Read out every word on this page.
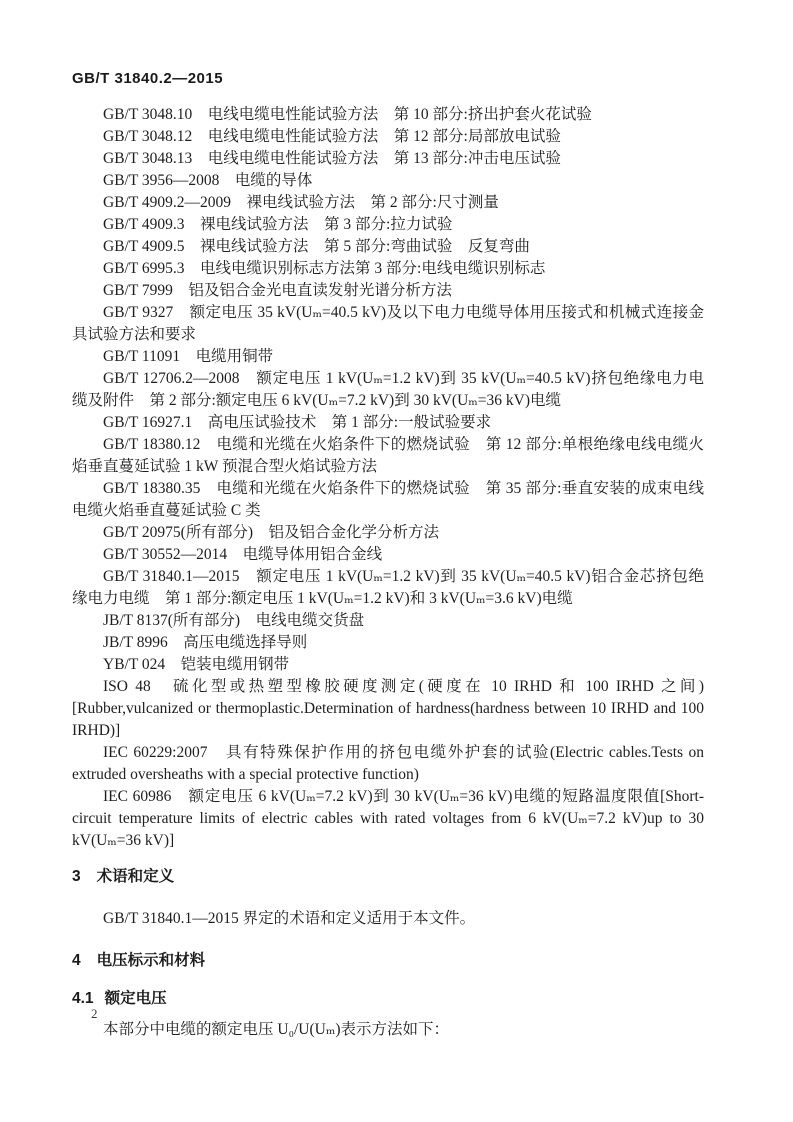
GB/T 31840.2—2015

GB/T 3048.10　电线电缆电性能试验方法　第 10 部分:挤出护套火花试验

GB/T 3048.12　电线电缆电性能试验方法　第 12 部分:局部放电试验

GB/T 3048.13　电线电缆电性能试验方法　第 13 部分:冲击电压试验

GB/T 3956—2008　电缆的导体

GB/T 4909.2—2009　裸电线试验方法　第 2 部分:尺寸测量

GB/T 4909.3　裸电线试验方法　第 3 部分:拉力试验

GB/T 4909.5　裸电线试验方法　第 5 部分:弯曲试验　反复弯曲

GB/T 6995.3　电线电缆识别标志方法第 3 部分:电线电缆识别标志

GB/T 7999　铝及铝合金光电直读发射光谱分析方法

GB/T 9327　额定电压 35 kV(Uₘ=40.5 kV)及以下电力电缆导体用压接式和机械式连接金具试验方法和要求

GB/T 11091　电缆用铜带

GB/T 12706.2—2008　额定电压 1 kV(Uₘ=1.2 kV)到 35 kV(Uₘ=40.5 kV)挤包绝缘电力电缆及附件　第 2 部分:额定电压 6 kV(Uₘ=7.2 kV)到 30 kV(Uₘ=36 kV)电缆

GB/T 16927.1　高电压试验技术　第 1 部分:一般试验要求

GB/T 18380.12　电缆和光缆在火焰条件下的燃烧试验　第 12 部分:单根绝缘电线电缆火焰垂直蔓延试验 1 kW 预混合型火焰试验方法

GB/T 18380.35　电缆和光缆在火焰条件下的燃烧试验　第 35 部分:垂直安装的成束电线电缆火焰垂直蔓延试验 C 类

GB/T 20975(所有部分)　铝及铝合金化学分析方法

GB/T 30552—2014　电缆导体用铝合金线

GB/T 31840.1—2015　额定电压 1 kV(Uₘ=1.2 kV)到 35 kV(Uₘ=40.5 kV)铝合金芯挤包绝缘电力电缆　第 1 部分:额定电压 1 kV(Uₘ=1.2 kV)和 3 kV(Uₘ=3.6 kV)电缆

JB/T 8137(所有部分)　电线电缆交货盘

JB/T 8996　高压电缆选择导则

YB/T 024　铠装电缆用钢带

ISO 48　硫化型或热塑型橡胶硬度测定(硬度在 10 IRHD 和 100 IRHD 之间)[Rubber,vulcanized or thermoplastic.Determination of hardness(hardness between 10 IRHD and 100 IRHD)]

IEC 60229:2007　具有特殊保护作用的挤包电缆外护套的试验(Electric cables.Tests on extruded oversheaths with a special protective function)

IEC 60986　额定电压 6 kV(Uₘ=7.2 kV)到 30 kV(Uₘ=36 kV)电缆的短路温度限值[Short-circuit temperature limits of electric cables with rated voltages from 6 kV(Uₘ=7.2 kV)up to 30 kV(Uₘ=36 kV)]

3 术语和定义

GB/T 31840.1—2015 界定的术语和定义适用于本文件。

4 电压标示和材料
4.1 额定电压

本部分中电缆的额定电压 U₀/U(Uₘ)表示方法如下：

2
